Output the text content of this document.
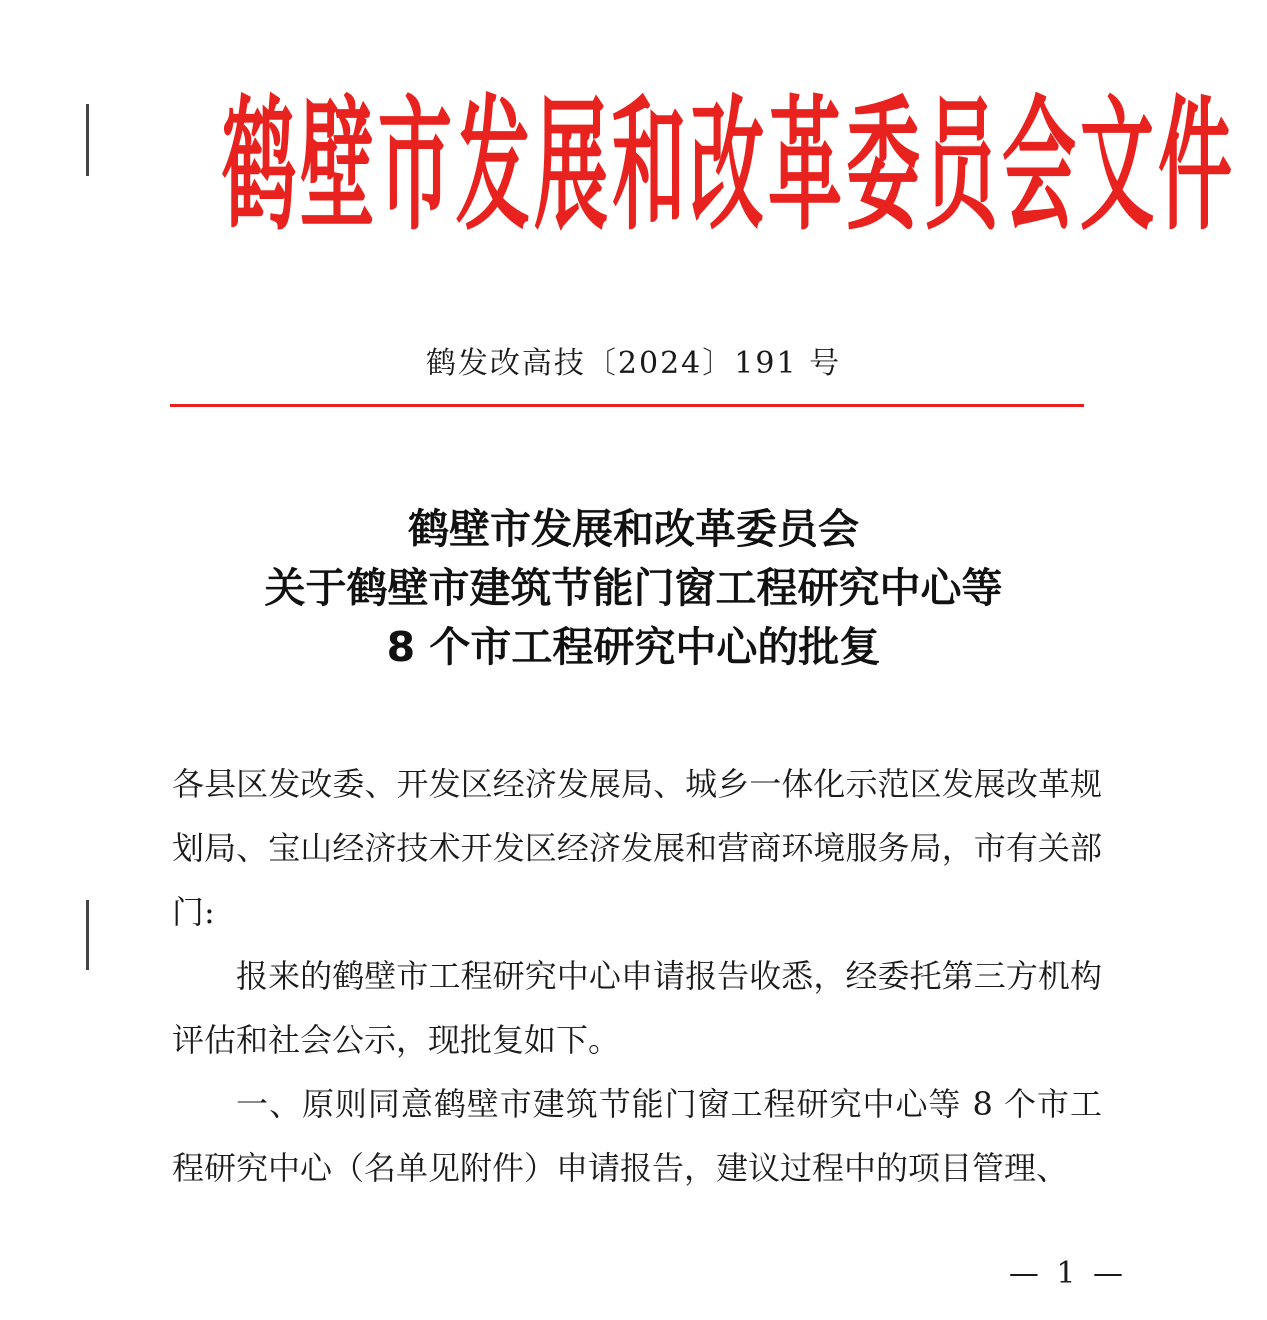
鹤壁市发展和改革委员会文件
鹤发改高技〔2024〕191 号
鹤壁市发展和改革委员会
关于鹤壁市建筑节能门窗工程研究中心等
8 个市工程研究中心的批复

各县区发改委、开发区经济发展局、城乡一体化示范区发展改革规划局、宝山经济技术开发区经济发展和营商环境服务局，市有关部门:

报来的鹤壁市工程研究中心申请报告收悉，经委托第三方机构评估和社会公示，现批复如下。

一、原则同意鹤壁市建筑节能门窗工程研究中心等 8 个市工程研究中心（名单见附件）申请报告，建议过程中的项目管理、

— 1 —
